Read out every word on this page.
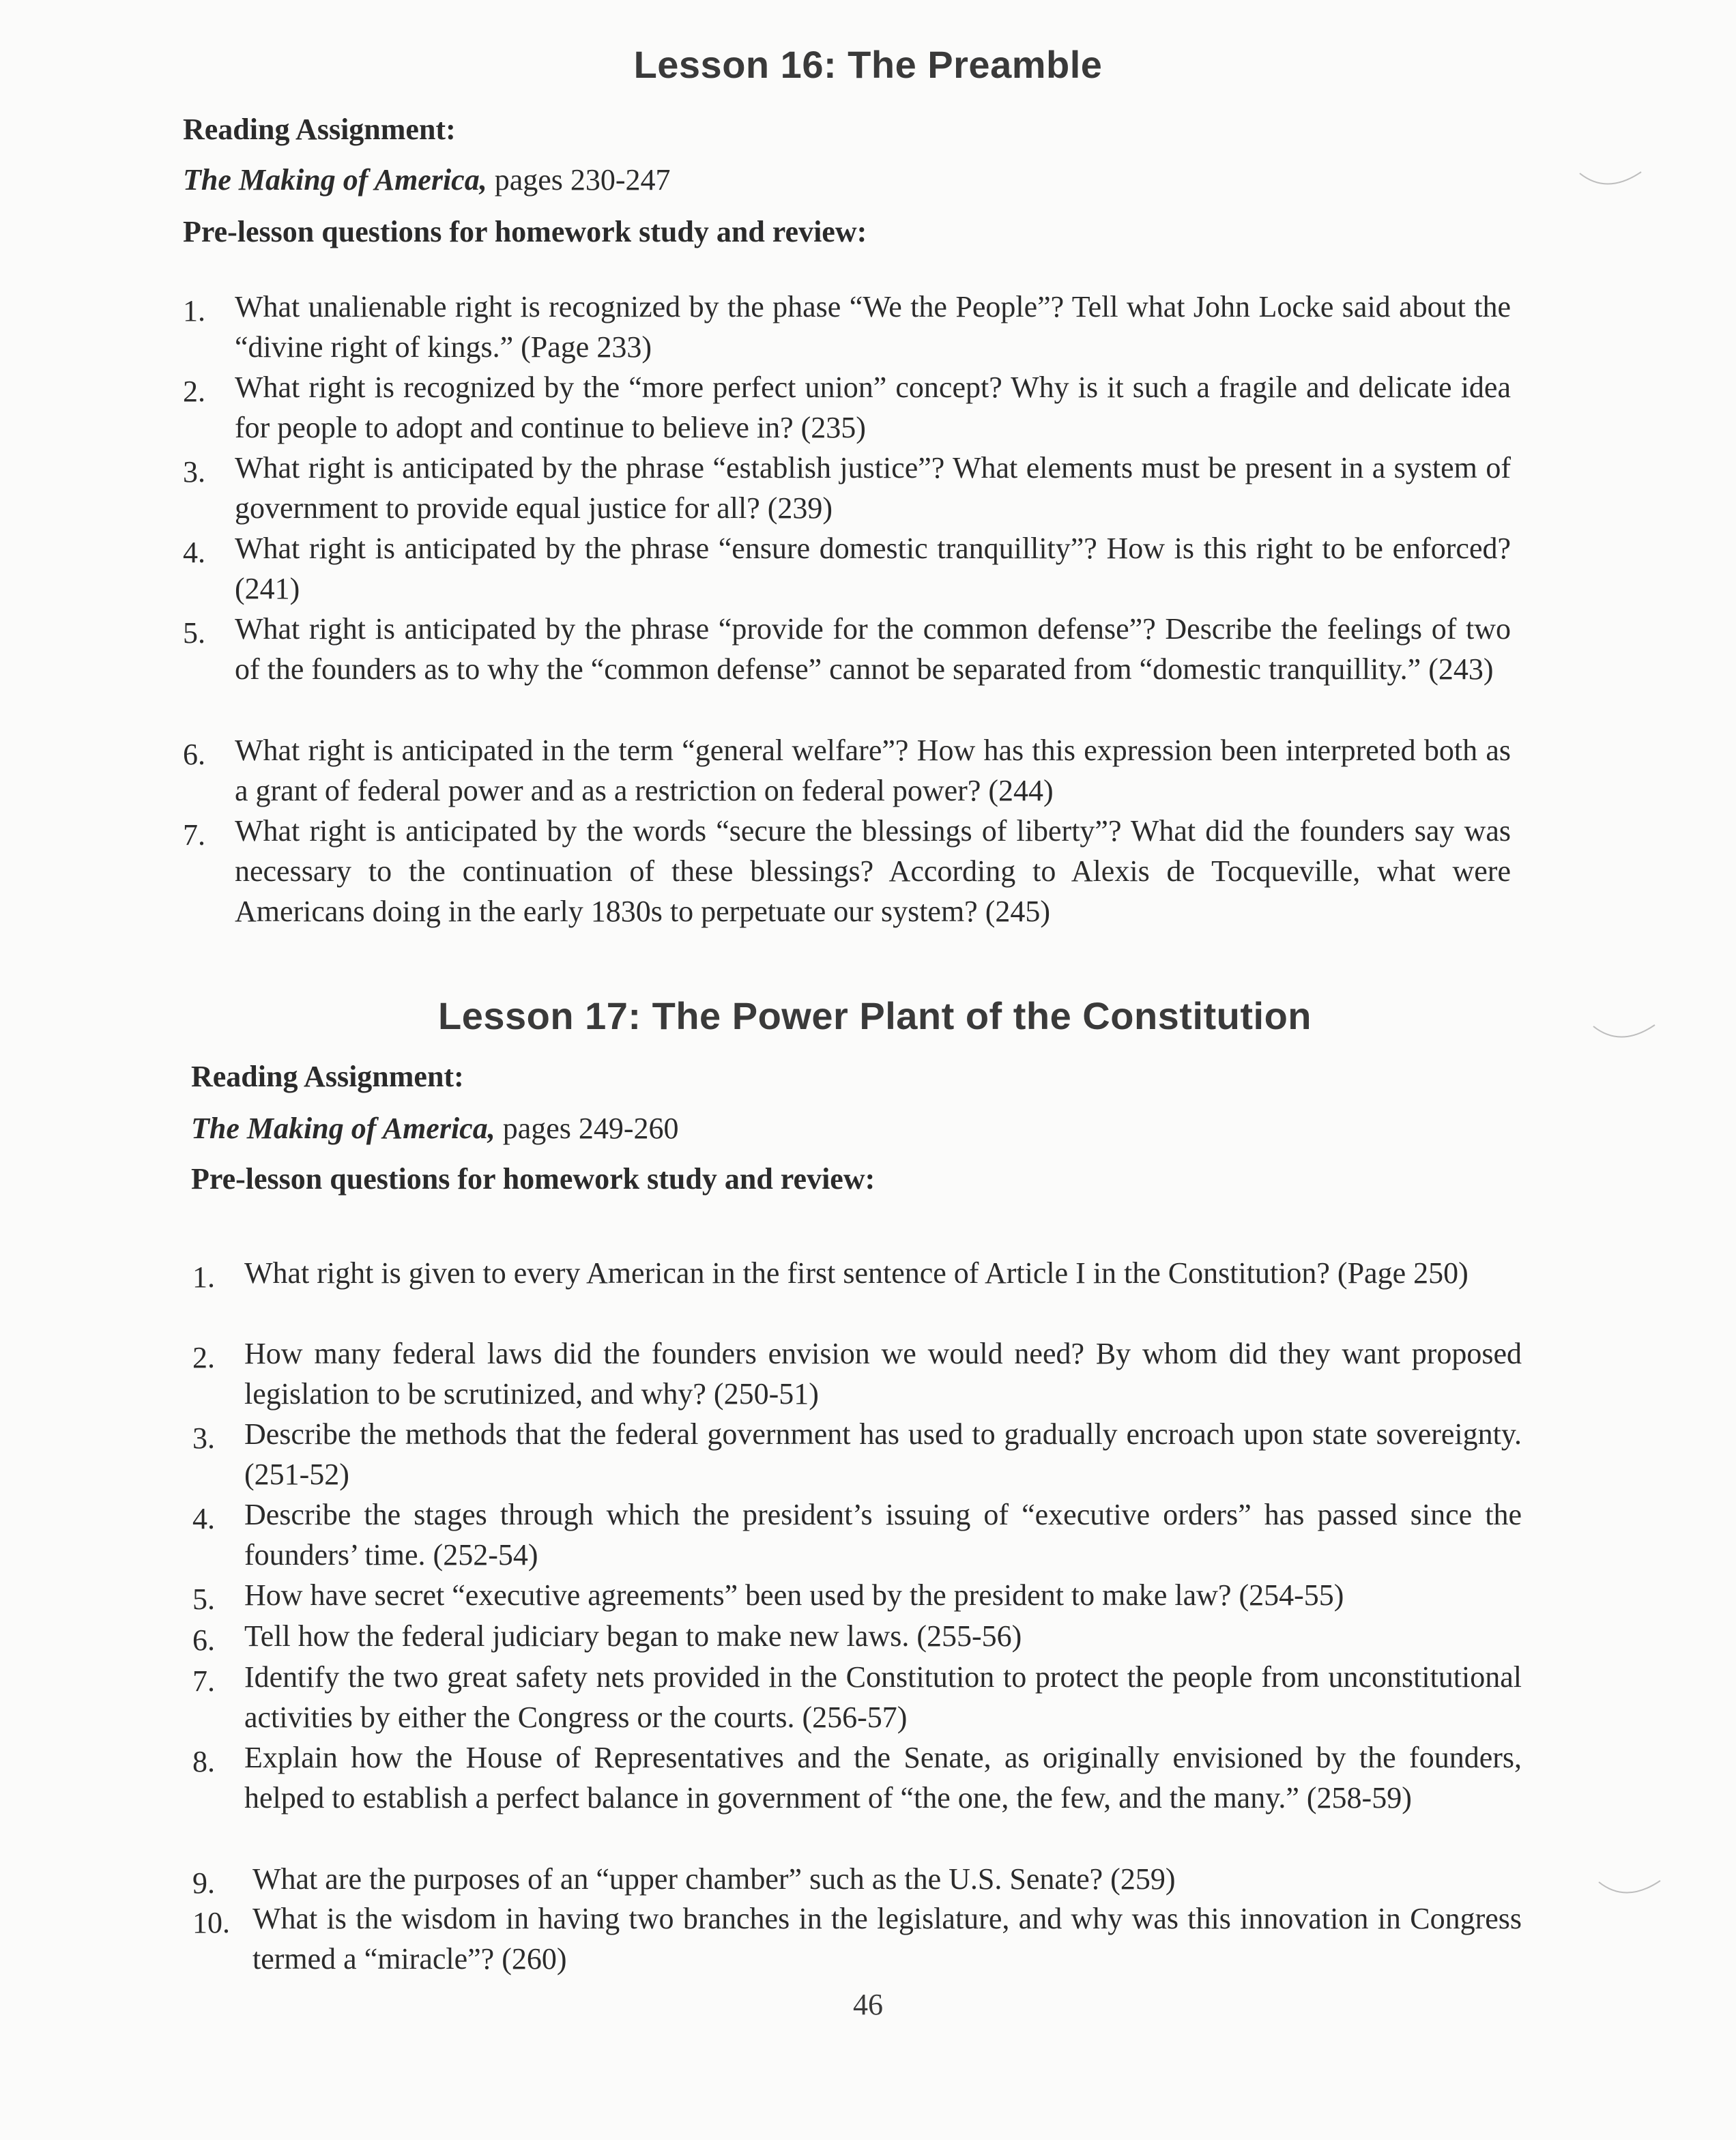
Lesson 16: The Preamble
Reading Assignment:
The Making of America, pages 230-247
Pre-lesson questions for homework study and review:
1. What unalienable right is recognized by the phase “We the People”? Tell what John Locke said about the “divine right of kings.” (Page 233)
2. What right is recognized by the “more perfect union” concept? Why is it such a fragile and delicate idea for people to adopt and continue to believe in? (235)
3. What right is anticipated by the phrase “establish justice”? What elements must be present in a system of government to provide equal justice for all? (239)
4. What right is anticipated by the phrase “ensure domestic tranquillity”? How is this right to be enforced? (241)
5. What right is anticipated by the phrase “provide for the common defense”? Describe the feelings of two of the founders as to why the “common defense” cannot be separated from “domestic tranquillity.” (243)
6. What right is anticipated in the term “general welfare”? How has this expression been interpreted both as a grant of federal power and as a restriction on federal power? (244)
7. What right is anticipated by the words “secure the blessings of liberty”? What did the founders say was necessary to the continuation of these blessings? According to Alexis de Tocqueville, what were Americans doing in the early 1830s to perpetuate our system? (245)
Lesson 17: The Power Plant of the Constitution
Reading Assignment:
The Making of America, pages 249-260
Pre-lesson questions for homework study and review:
1. What right is given to every American in the first sentence of Article I in the Constitution? (Page 250)
2. How many federal laws did the founders envision we would need? By whom did they want proposed legislation to be scrutinized, and why? (250-51)
3. Describe the methods that the federal government has used to gradually encroach upon state sovereignty. (251-52)
4. Describe the stages through which the president’s issuing of “executive orders” has passed since the founders’ time. (252-54)
5. How have secret “executive agreements” been used by the president to make law? (254-55)
6. Tell how the federal judiciary began to make new laws. (255-56)
7. Identify the two great safety nets provided in the Constitution to protect the people from unconstitutional activities by either the Congress or the courts. (256-57)
8. Explain how the House of Representatives and the Senate, as originally envisioned by the founders, helped to establish a perfect balance in government of “the one, the few, and the many.” (258-59)
9. What are the purposes of an “upper chamber” such as the U.S. Senate? (259)
10. What is the wisdom in having two branches in the legislature, and why was this innovation in Congress termed a “miracle”? (260)
46
